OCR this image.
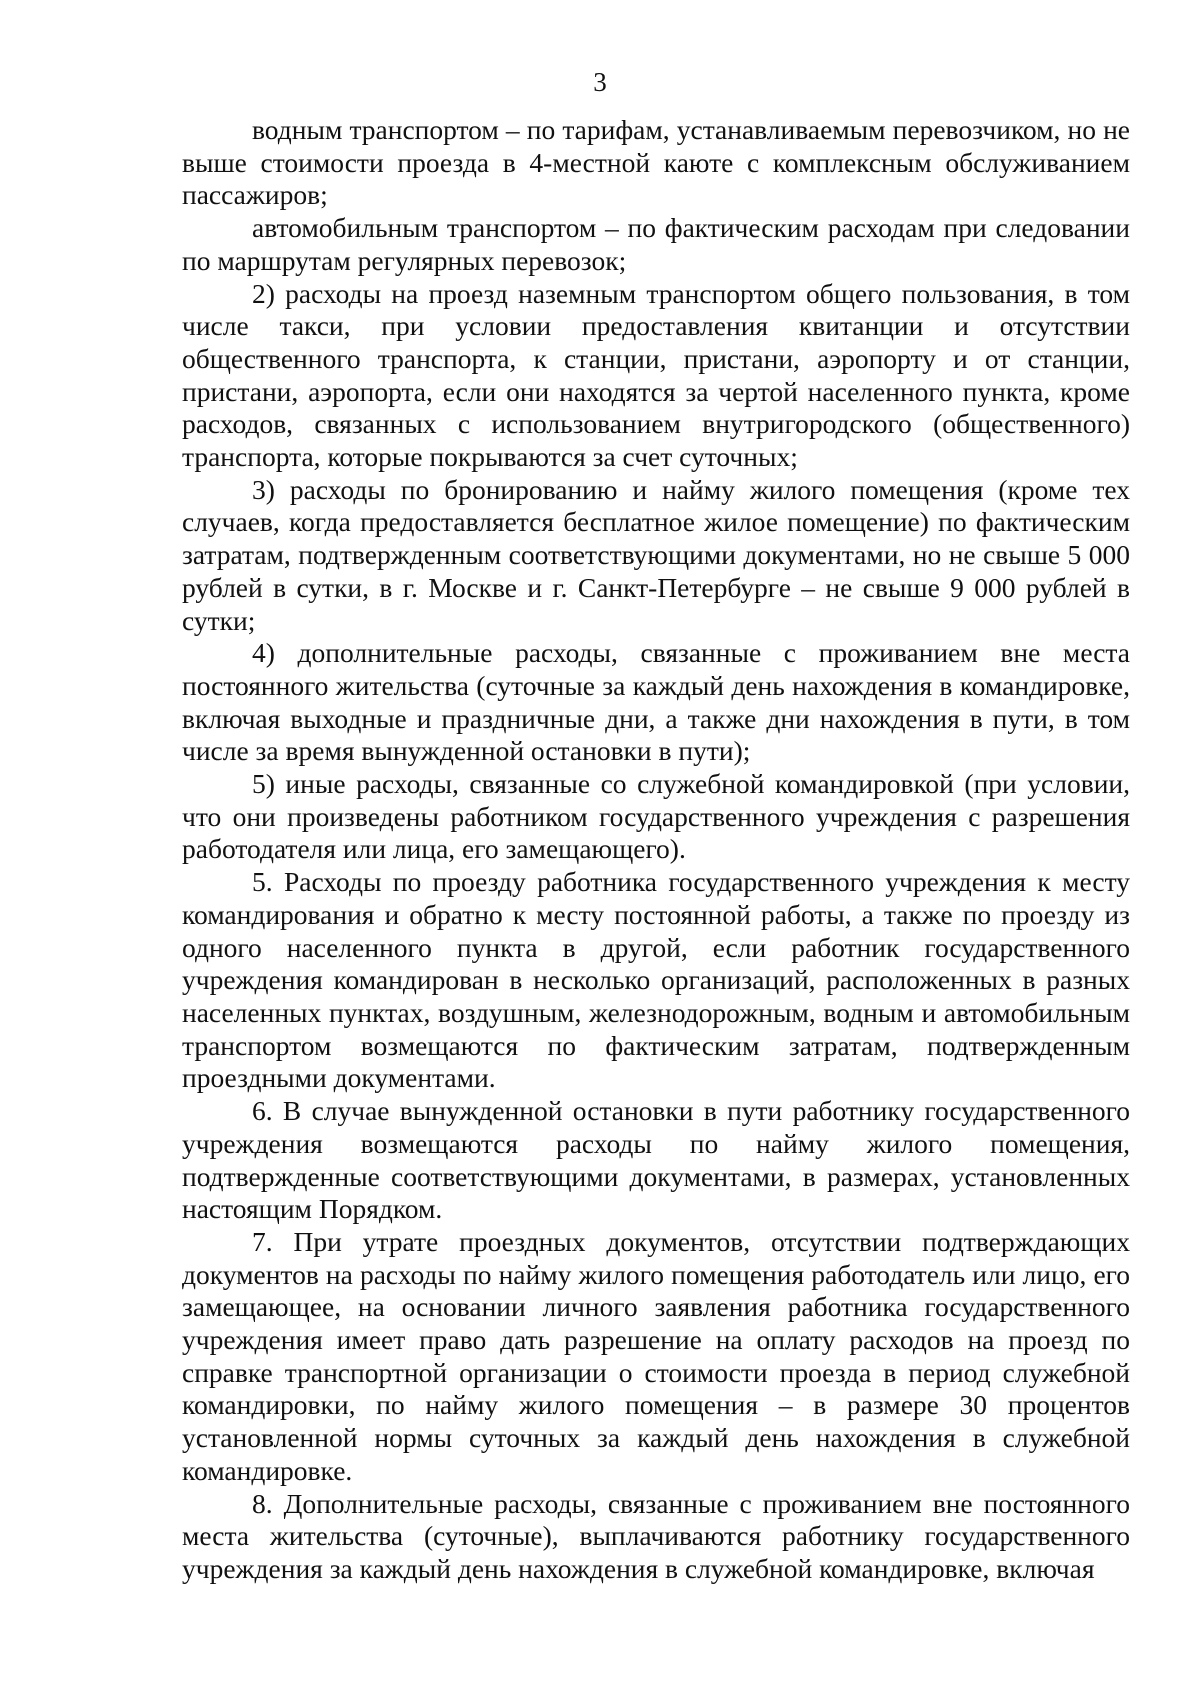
3

водным транспортом – по тарифам, устанавливаемым перевозчиком, но не выше стоимости проезда в 4-местной каюте с комплексным обслуживанием пассажиров;

автомобильным транспортом – по фактическим расходам при следовании по маршрутам регулярных перевозок;

2) расходы на проезд наземным транспортом общего пользования, в том числе такси, при условии предоставления квитанции и отсутствии общественного транспорта, к станции, пристани, аэропорту и от станции, пристани, аэропорта, если они находятся за чертой населенного пункта, кроме расходов, связанных с использованием внутригородского (общественного) транспорта, которые покрываются за счет суточных;

3) расходы по бронированию и найму жилого помещения (кроме тех случаев, когда предоставляется бесплатное жилое помещение) по фактическим затратам, подтвержденным соответствующими документами, но не свыше 5 000 рублей в сутки, в г. Москве и г. Санкт-Петербурге – не свыше 9 000 рублей в сутки;

4) дополнительные расходы, связанные с проживанием вне места постоянного жительства (суточные за каждый день нахождения в командировке, включая выходные и праздничные дни, а также дни нахождения в пути, в том числе за время вынужденной остановки в пути);

5) иные расходы, связанные со служебной командировкой (при условии, что они произведены работником государственного учреждения с разрешения работодателя или лица, его замещающего).

5. Расходы по проезду работника государственного учреждения к месту командирования и обратно к месту постоянной работы, а также по проезду из одного населенного пункта в другой, если работник государственного учреждения командирован в несколько организаций, расположенных в разных населенных пунктах, воздушным, железнодорожным, водным и автомобильным транспортом возмещаются по фактическим затратам, подтвержденным проездными документами.

6. В случае вынужденной остановки в пути работнику государственного учреждения возмещаются расходы по найму жилого помещения, подтвержденные соответствующими документами, в размерах, установленных настоящим Порядком.

7. При утрате проездных документов, отсутствии подтверждающих документов на расходы по найму жилого помещения работодатель или лицо, его замещающее, на основании личного заявления работника государственного учреждения имеет право дать разрешение на оплату расходов на проезд по справке транспортной организации о стоимости проезда в период служебной командировки, по найму жилого помещения – в размере 30 процентов установленной нормы суточных за каждый день нахождения в служебной командировке.

8. Дополнительные расходы, связанные с проживанием вне постоянного места жительства (суточные), выплачиваются работнику государственного учреждения за каждый день нахождения в служебной командировке, включая
